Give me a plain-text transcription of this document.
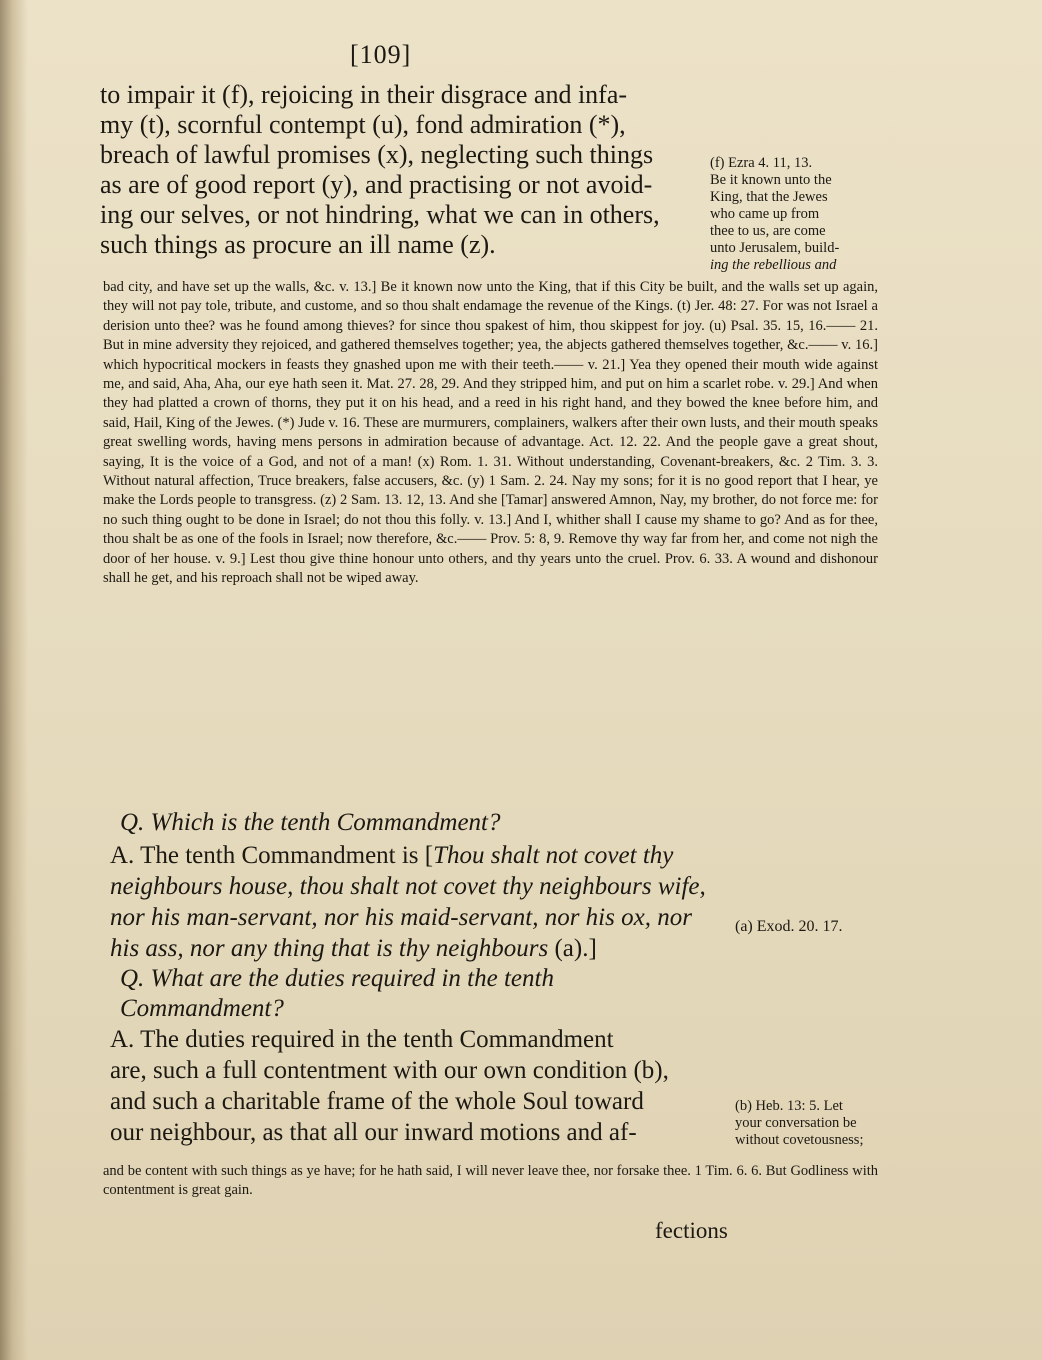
[109]

to impair it (f), rejoicing in their disgrace and infa-

my (t), scornful contempt (u), fond admiration (*),

breach of lawful promises (x), neglecting such things

as are of good report (y), and practising or not avoid-

ing our selves, or not hindring, what we can in others,

such things as procure an ill name (z).

(f) Ezra 4. 11, 13.
Be it known unto the
King, that the Jewes
who came up from
thee to us, are come
unto Jerusalem, build-
ing the rebellious and

bad city, and have set up the walls, &c. v. 13.] Be it known now unto the King, that if this City be built, and the walls set up again, they will not pay tole, tribute, and custome, and so thou shalt endamage the revenue of the Kings. (t) Jer. 48: 27. For was not Israel a derision unto thee? was he found among thieves? for since thou spakest of him, thou skippest for joy. (u) Psal. 35. 15, 16.—— 21. But in mine adversity they rejoiced, and gathered themselves together; yea, the abjects gathered themselves together, &c.—— v. 16.] which hypocritical mockers in feasts they gnashed upon me with their teeth.—— v. 21.] Yea they opened their mouth wide against me, and said, Aha, Aha, our eye hath seen it. Mat. 27. 28, 29. And they stripped him, and put on him a scarlet robe. v. 29.] And when they had platted a crown of thorns, they put it on his head, and a reed in his right hand, and they bowed the knee before him, and said, Hail, King of the Jewes. (*) Jude v. 16. These are murmurers, complainers, walkers after their own lusts, and their mouth speaks great swelling words, having mens persons in admiration because of advantage. Act. 12. 22. And the people gave a great shout, saying, It is the voice of a God, and not of a man! (x) Rom. 1. 31. Without understanding, Covenant-breakers, &c. 2 Tim. 3. 3. Without natural affection, Truce breakers, false accusers, &c. (y) 1 Sam. 2. 24. Nay my sons; for it is no good report that I hear, ye make the Lords people to transgress. (z) 2 Sam. 13. 12, 13. And she [Tamar] answered Amnon, Nay, my brother, do not force me: for no such thing ought to be done in Israel; do not thou this folly. v. 13.] And I, whither shall I cause my shame to go? And as for thee, thou shalt be as one of the fools in Israel; now therefore, &c.—— Prov. 5: 8, 9. Remove thy way far from her, and come not nigh the door of her house. v. 9.] Lest thou give thine honour unto others, and thy years unto the cruel. Prov. 6. 33. A wound and dishonour shall he get, and his reproach shall not be wiped away.

Q. Which is the tenth Commandment?
A. The tenth Commandment is [Thou shalt not covet thy neighbours house, thou shalt not covet thy neighbours wife, nor his man-servant, nor his maid-servant, nor his ox, nor his ass, nor any thing that is thy neighbours (a).]
(a) Exod. 20. 17.
Q. What are the duties required in the tenth Commandment?
A. The duties required in the tenth Commandment
are, such a full contentment with our own condition (b),
and such a charitable frame of the whole Soul toward
our neighbour, as that all our inward motions and af-
(b) Heb. 13: 5. Let
your conversation be
without covetousness;

and be content with such things as ye have; for he hath said, I will never leave thee, nor forsake thee. 1 Tim. 6. 6. But Godliness with contentment is great gain.

fections
